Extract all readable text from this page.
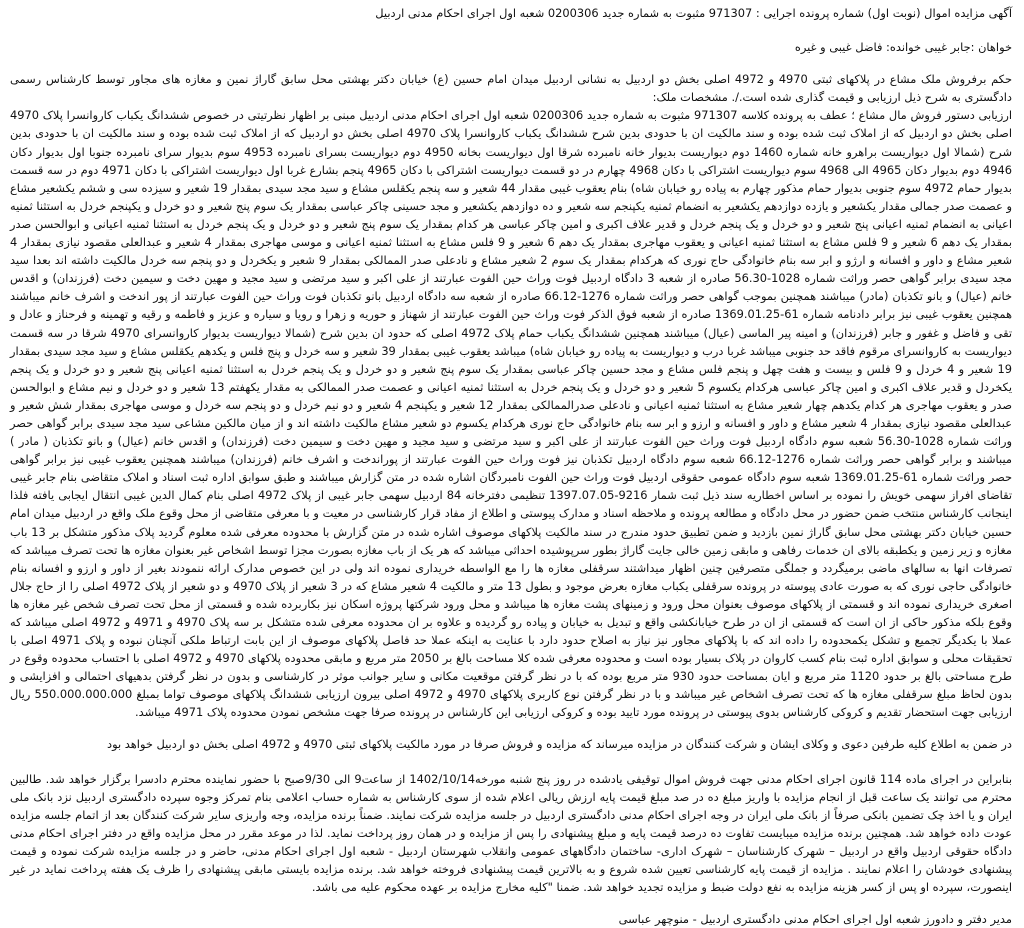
آگهی مزایده اموال (نوبت اول) شماره پرونده اجرایی : 971307 مثبوت به شماره جدید 0200306 شعبه اول اجرای احکام مدنی اردبیل

خواهان :جابر غیبی خوانده: فاضل غیبی و غیره

حکم برفروش ملک مشاع در پلاکهای ثبتی 4970 و 4972 اصلی بخش دو اردبیل به نشانی اردبیل میدان امام حسین (ع) خیابان دکتر بهشتی محل سابق گاراژ نمین و مغازه های مجاور توسط کارشناس رسمی دادگستری به شرح ذیل ارزیابی و قیمت گذاری شده است./. مشخصات ملک:

ارزیابی دستور فروش مال مشاع ؛ عطف به پرونده کلاسه 971307 مثبوت به شماره جدید 0200306 شعبه اول اجرای احکام مدنی اردبیل مبنی بر اظهار نظرتیتی در خصوص ششدانگ یکباب کاروانسرا پلاک 4970 اصلی بخش دو اردبیل که از املاک ثبت شده بوده و سند مالکیت ان با حدودی بدین شرح ششدانگ یکباب کاروانسرا پلاک 4970 اصلی بخش دو اردبیل که از املاک ثبت شده بوده و سند مالکیت ان با حدودی بدین شرح (شمالا اول دیواریست براهرو خانه شماره 1460 دوم دیواریست بدیوار خانه نامبرده شرقا اول دیواریست بخانه 4950 دوم دیواریست بسرای نامبرده 4953 سوم بدیوار سرای نامبرده جنوبا اول بدیوار دکان 4946 دوم بدیوار دکان 4965 الی 4968 سوم دیواریست اشتراکی با دکان 4968 چهارم در دو قسمت دیواریست اشتراکی با دکان 4965 پنجم بشارع غربا اول دیواریست اشتراکی با دکان 4971 دوم در سه قسمت بدیوار حمام 4972 سوم جنوبی بدیوار حمام مذکور چهارم به پیاده رو خیابان شاه) بنام یعقوب غیبی مقدار 44 شعیر و سه پنجم یکقلس مشاع و سید مجد سیدی بمقدار 19 شعیر و سیزده سی و ششم یکشعیر مشاع و عصمت صدر جمالی مقدار یکشعیر و یازده دوازدهم یکشعیر به انضمام ثمنیه یکپنجم سه شعیر و ده دوازدهم یکشعیر و مجد حسینی چاکر عباسی بمقدار یک سوم پنج شعیر و دو خردل و یکپنجم خردل به استثنا ثمنیه اعیانی به انضمام ثمنیه اعیانی پنج شعیر و دو خردل و یک پنجم خردل و قدیر علاف اکبری و امین چاکر عباسی هر کدام بمقدار یک سوم پنج شعیر و دو خردل و یک پنجم خردل به استثنا ثمنیه اعیانی و ابوالحسن صدر بمقدار یک دهم 6 شعیر و 9 فلس مشاع به استثنا ثمنیه اعیانی و یعقوب مهاجری بمقدار یک دهم 6 شعیر و 9 فلس مشاع به استثنا ثمنیه اعیانی و موسی مهاجری بمقدار 4 شعیر و عبدالعلی مقصود نیازی بمقدار 4 شعیر مشاع و داور و افسانه و ارژو و ابر سه بنام خانوادگی حاج نوری که هرکدام بمقدار یک سوم 2 شعیر مشاع و نادعلی صدر الممالکی بمقدار 9 شعیر و یکخردل و دو پنجم سه خردل مالکیت داشته اند بعدا سید مجد سیدی برابر گواهی حصر وراثت شماره 1028-56.30 صادره از شعبه 3 دادگاه اردبیل فوت وراث حین الفوت عبارتند از علی اکبر و سید مرتضی و سید مجید و مهین دخت و سیمین دخت (فرزندان) و اقدس خانم (عیال) و بانو تکذبان (مادر) میباشند همچنین بموجب گواهی حصر وراثت شماره 1276-66.12 صادره از شعبه سه دادگاه اردبیل بانو تکذبان فوت وراث حین الفوت عبارتند از پور اندخت و اشرف خانم میباشند همچنین یعقوب غیبی نیز برابر دادنامه شماره 61-1369.01.25 صادره از شعبه فوق الذکر فوت وراث حین الفوت عبارتند از شهناز و حوریه و زهرا و رویا و سیاره و عزیز و فاطمه و رقیه و تهمینه و فرحناز و عادل و تقی و فاضل و غفور و جابر (فرزندان) و امینه پیر الماسی (عیال) میباشند همچنین ششدانگ یکباب حمام پلاک 4972 اصلی که حدود ان بدین شرح (شمالا دیواریست بدیوار کاروانسرای 4970 شرقا در سه قسمت دیواریست به کاروانسرای مرقوم فاقد حد جنوبی میباشد غربا درب و دیواریست به پیاده رو خیابان شاه) میباشد یعقوب غیبی بمقدار 39 شعیر و سه خردل و پنج فلس و یکدهم یکقلس مشاع و سید مجد سیدی بمقدار 19 شعیر و 4 خردل و 9 فلس و بیست و هفت چهل و پنجم فلس مشاع و مجد حسین چاکر عباسی بمقدار یک سوم پنج شعیر و دو خردل و یک پنجم خردل به استثنا ثمنیه اعیانی پنج شعیر و دو خردل و یک پنجم یکخردل و قدیر علاف اکبری و امین چاکر عباسی هرکدام یکسوم 5 شعیر و دو خردل و یک پنجم خردل به استثنا ثمنیه اعیانی و عصمت صدر الممالکی به مقدار یکهفتم 13 شعیر و دو خردل و نیم مشاع و ابوالحسن صدر و یعقوب مهاجری هر کدام یکدهم چهار شعیر مشاع به استثنا ثمنیه اعیانی و نادعلی صدرالممالکی بمقدار 12 شعیر و یکپنجم 4 شعیر و دو نیم خردل و دو پنجم سه خردل و موسی مهاجری بمقدار شش شعیر و عبدالعلی مقصود نیازی بمقدار 4 شعیر مشاع و داور و افسانه و ارزو و ابر سه بنام خانوادگی حاج نوری هرکدام یکسوم دو شعیر مشاع مالکیت داشته اند و از میان مالکین مشاعی سید مجد سیدی برابر گواهی حصر وراثت شماره 1028-56.30 شعبه سوم دادگاه اردبیل فوت وراث حین الفوت عبارتند از علی اکبر و سید مرتضی و سید مجید و مهین دخت و سیمین دخت (فرزندان) و اقدس خانم (عیال) و بانو تکذبان ( مادر ) میباشند و برابر گواهی حصر وراثت شماره 1276-66.12 شعبه سوم دادگاه اردبیل تکذبان نیز فوت وراث حین الفوت عبارتند از پوراندخت و اشرف خانم (فرزندان) میباشند همچنین یعقوب غیبی نیز برابر گواهی حصر وراثت شماره 61-1369.01.25 شعبه سوم دادگاه عمومی حقوقی اردبیل فوت وراث حین الفوت نامبردگان اشاره شده در متن گزارش میباشند و طبق سوابق اداره ثبت اسناد و املاک متقاضی بنام جابر غیبی تقاضای افراز سهمی خویش را نموده بر اساس اخطاریه سند ذیل ثبت شمار 9216-1397.07.05 تنظیمی دفترخانه 84 اردبیل سهمی جابر غیبی از پلاک 4972 اصلی بنام کمال الدین غیبی انتقال ایجابی یافته فلذا اینجانب کارشناس منتخب ضمن حضور در محل دادگاه و مطالعه پرونده و ملاحظه اسناد و مدارک پیوستی و اطلاع از مفاد قرار کارشناسی در معیت و با معرفی متقاضی از محل وقوع ملک واقع در اردبیل میدان امام حسین خیابان دکتر بهشتی محل سابق گاراژ نمین بازدید و ضمن تطبیق حدود مندرج در سند مالکیت پلاکهای موصوف اشاره شده در متن گزارش با محدوده معرفی شده معلوم گردید پلاک مذکور متشکل بر 13 باب مغازه و زیر زمین و یکطبقه بالای ان خدمات رفاهی و مابقی زمین خالی جایت گاراژ بطور سرپوشیده احداثی میباشد که هر یک از باب مغازه بصورت مجزا توسط اشخاص غیر بعنوان مغازه ها تحت تصرف میباشد که تصرفات انها به سالهای ماضی برمیگردد و جملگی متصرفین چنین اظهار میداشتند سرقفلی مغازه ها را مع الواسطه خریداری نموده اند ولی در این خصوص مدارک ارائه ننمودند بغیر از داور و ارزو و افسانه بنام خانوادگی حاجی نوری که به صورت عادی پیوسته در پرونده سرقفلی یکباب مغازه بعرض موجود و بطول 13 متر و مالکیت 4 شعیر مشاع که در 3 شعیر از پلاک 4970 و دو شعیر از پلاک 4972 اصلی را از حاج جلال اصغری خریداری نموده اند و قسمتی از پلاکهای موصوف بعنوان محل ورود و زمینهای پشت مغازه ها میباشد و محل ورود شرکتها پروژه اسکان نیز بکاربرده شده و قسمتی از محل تحت تصرف شخص غیر مغازه ها وقوع بلکه مذکور حاکی از ان است که قسمتی از ان در طرح خیابانکشی واقع و تبدیل به خیابان و پیاده رو گردیده و علاوه بر ان محدوده معرفی شده متشکل بر سه پلاک 4970 و 4971 و 4972 اصلی میباشد که عملا با یکدیگر تجمیع و تشکل یکمحدوده را داده اند که با پلاکهای مجاور نیز نیاز به اصلاح حدود دارد با عنایت به اینکه عملا حد فاصل پلاکهای موصوف از این بابت ارتباط ملکی آنچنان نبوده و پلاک 4971 اصلی با تحقیقات محلی و سوابق اداره ثبت بنام کسب کاروان در پلاک بسیار بوده است و محدوده معرفی شده کلا مساحت بالغ بر 2050 متر مربع و مابقی محدوده پلاکهای 4970 و 4972 اصلی با احتساب محدوده وقوع در طرح مساحتی بالغ بر حدود 1120 متر مربع و ایان بمساحت حدود 930 متر مربع بوده که با در نظر گرفتن موقعیت مکانی و سایر جوانب موثر در کارشناسی و بدون در نظر گرفتن بدهیهای احتمالی و افزایشی و بدون لحاظ مبلغ سرقفلی مغازه ها که تحت تصرف اشخاص غیر میباشد و با در نظر گرفتن نوع کاربری پلاکهای 4970 و 4972 اصلی بیرون ارزیابی ششدانگ پلاکهای موصوف تواما بمبلغ 550.000.000.000 ریال ارزیابی جهت استحضار تقدیم و کروکی کارشناس بدوی پیوستی در پرونده مورد تایید بوده و کروکی ارزیابی این کارشناس در پرونده صرفا جهت مشخص نمودن محدوده پلاک 4971 میباشد.

در ضمن به اطلاع کلیه طرفین دعوی و وکلای ایشان و شرکت کنندگان در مزایده میرساند که مزایده و فروش صرفا در مورد مالکیت پلاکهای ثبتی 4970 و 4972 اصلی بخش دو اردبیل خواهد بود

بنابراین در اجرای ماده 114 قانون اجرای احکام مدنی جهت فروش اموال توقیفی یادشده در روز پنج شنبه مورخه1402/10/14 از ساعت9 الی 9/30صبح با حضور نماینده محترم دادسرا برگزار خواهد شد. طالبین محترم می توانند یک ساعت قبل از انجام مزایده با واریز مبلغ ده در صد مبلغ قیمت پایه ارزش ریالی اعلام شده از سوی کارشناس به شماره حساب اعلامی بنام تمرکز وجوه سپرده دادگستری اردبیل نزد بانک ملی ایران و یا اخذ چک تضمین بانکی صرفاً از بانک ملی ایران در وجه اجرای احکام مدنی دادگستری اردبیل در جلسه مزایده شرکت نمایند. ضمناً برنده مزایده، وجه واریزی سایر شرکت کنندگان بعد از اتمام جلسه مزایده عودت داده خواهد شد. همچنین برنده مزایده میبایست تفاوت ده درصد قیمت پایه و مبلغ پیشنهادی را پس از مزایده و در همان روز پرداخت نماید. لذا در موعد مقرر در محل مزایده واقع در دفتر اجرای احکام مدنی دادگاه حقوقی اردبیل واقع در اردبیل – شهرک کارشناسان – شهرک اداری- ساختمان دادگاههای عمومی وانقلاب شهرستان اردبیل - شعبه اول اجرای احکام مدنی، حاضر و در جلسه مزایده شرکت نموده و قیمت پیشنهادی خودشان را اعلام نمایند . مزایده از قیمت پایه کارشناسی تعیین شده شروع و به بالاترین قیمت پیشنهادی فروخته خواهد شد. برنده مزایده بایستی مابقی پیشنهادی را ظرف یک هفته پرداخت نماید در غیر اینصورت، سپرده او پس از کسر هزینه مزایده به نفع دولت ضبط و مزایده تجدید خواهد شد. ضمنا "کلیه مخارج مزایده بر عهده محکوم علیه می باشد.

مدیر دفتر و دادورز شعبه اول اجرای احکام مدنی دادگستری اردبیل - منوچهر عباسی
